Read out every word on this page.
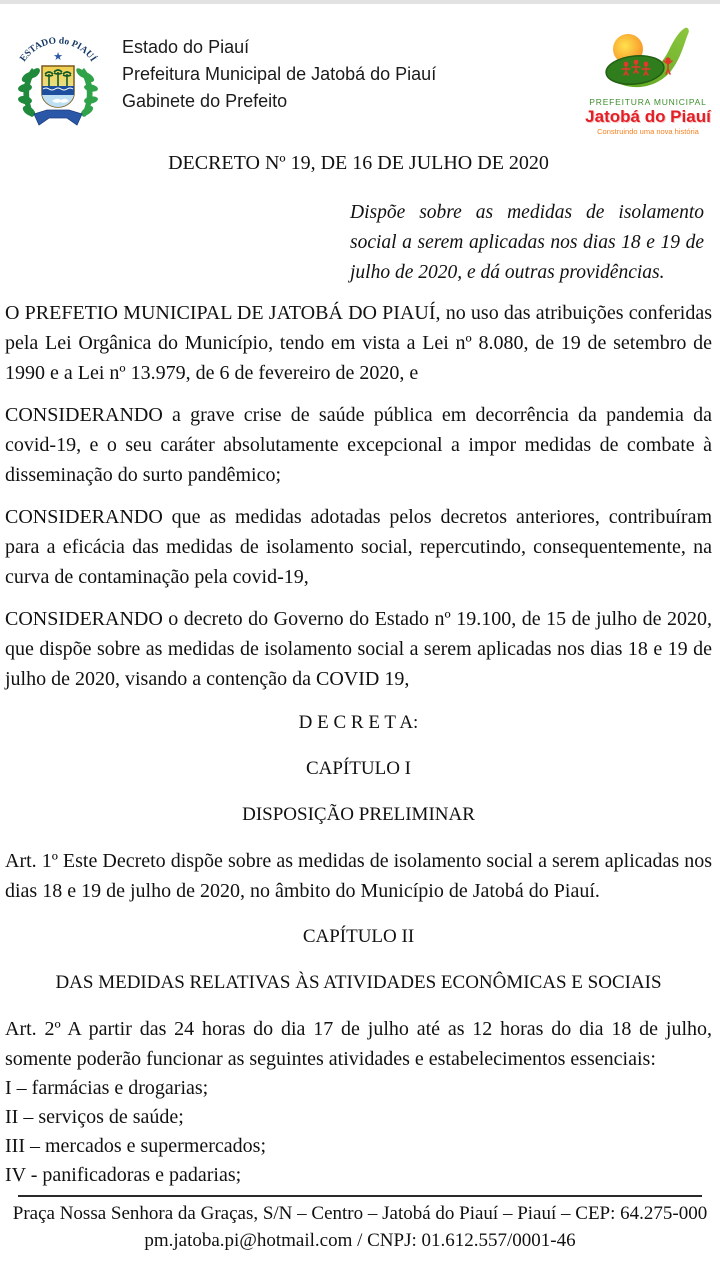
ESTADO do PIAUÍ
★	Estado do Piauí
Prefeitura Municipal de Jatobá do Piauí
Gabinete do Prefeito	PREFEITURA MUNICIPAL
Jatobá do Piauí
Construindo uma nova história
DECRETO Nº 19, DE 16 DE JULHO DE 2020

Dispõe sobre as medidas de isolamento social a serem aplicadas nos dias 18 e 19 de julho de 2020, e dá outras providências.

O PREFETIO MUNICIPAL DE JATOBÁ DO PIAUÍ, no uso das atribuições conferidas pela Lei Orgânica do Município, tendo em vista a Lei nº 8.080, de 19 de setembro de 1990 e a Lei nº 13.979, de 6 de fevereiro de 2020, e

CONSIDERANDO a grave crise de saúde pública em decorrência da pandemia da covid-19, e o seu caráter absolutamente excepcional a impor medidas de combate à disseminação do surto pandêmico;

CONSIDERANDO que as medidas adotadas pelos decretos anteriores, contribuíram para a eficácia das medidas de isolamento social, repercutindo, consequentemente, na curva de contaminação pela covid-19,

CONSIDERANDO o decreto do Governo do Estado nº 19.100, de 15 de julho de 2020, que dispõe sobre as medidas de isolamento social a serem aplicadas nos dias 18 e 19 de julho de 2020, visando a contenção da COVID 19,

D E C R E T A:

CAPÍTULO I

DISPOSIÇÃO PRELIMINAR

Art. 1º Este Decreto dispõe sobre as medidas de isolamento social a serem aplicadas nos dias 18 e 19 de julho de 2020, no âmbito do Município de Jatobá do Piauí.

CAPÍTULO II

DAS MEDIDAS RELATIVAS ÀS ATIVIDADES ECONÔMICAS E SOCIAIS

Art. 2º A partir das 24 horas do dia 17 de julho até as 12 horas do dia 18 de julho, somente poderão funcionar as seguintes atividades e estabelecimentos essenciais:

I – farmácias e drogarias;
II – serviços de saúde;
III – mercados e supermercados;
IV - panificadoras e padarias;
Praça Nossa Senhora da Graças, S/N – Centro – Jatobá do Piauí – Piauí – CEP: 64.275-000
pm.jatoba.pi@hotmail.com / CNPJ: 01.612.557/0001-46
